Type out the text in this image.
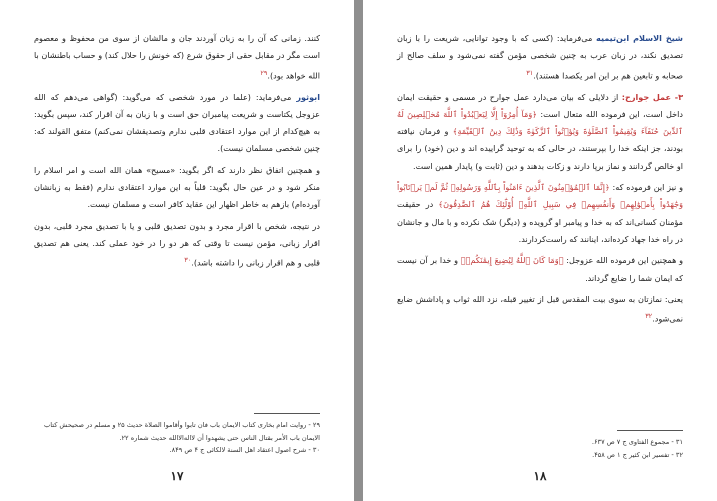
کنند. زمانی که آن را به زبان آوردند جان و مالشان از سوی من محفوظ و معصوم است مگر در مقابل حقی از حقوق شرع (که خونش را حلال کند) و حساب باطنشان با الله خواهد بود).$^{۲۹}$

ابوثور می‌فرماید: (علما در مورد شخصی که می‌گوید: (گواهی می‌دهم که الله عزوجل یکتاست و شریعت پیامبران حق است و با زبان به آن اقرار کند، سپس بگوید: به هیچ‌کدام از این موارد اعتقادی قلبی ندارم وتصدیقشان نمی‌کنم) متفق القولند که: چنین شخصی مسلمان نیست).

و همچنین اتفاق نظر دارند که اگر بگوید: «مسیح» همان الله است و امر اسلام را منکر شود و در عین حال بگوید: قلباً به این موارد اعتقادی ندارم (فقط به زبانشان آورده‌ام) بازهم به خاطر اظهار این عقاید کافر است و مسلمان نیست.

در نتیجه، شخص با اقرار مجرد و بدون تصدیق قلبی و یا با تصدیق مجرد قلبی، بدون اقرار زبانی، مؤمن نیست تا وقتی که هر دو را در خود عملی کند. یعنی هم تصدیق قلبی و هم اقرار زبانی را داشته باشد).$^{۳۰}$

۲۹ - روایت امام بخاری کتاب الایمان باب فان تابوا وأقاموا الصلاة حدیث ۲۵ و مسلم در صحیحش کتاب الایمان باب الأمر بقتال الناس حتی یشهدوا أن لااله‌الاالله حدیث شماره ۲۲.
۳۰ - شرح اصول اعتقاد اهل السنة لالکائی ج ۴ ص ۸۴۹.
۱۷

شیخ الاسلام ابن‌تیمیه می‌فرماید: (کسی که با وجود توانایی، شریعت را با زبان تصدیق نکند، در زبان عرب به چنین شخصی مؤمن گفته نمی‌شود و سلف صالح از صحابه و تابعین هم بر این امر یکصدا هستند).$^{۳۱}$

۳- عمل جوارح: از دلایلی که بیان می‌دارد عمل جوارح در مسمی و حقیقت ایمان داخل است، این فرموده الله متعال است: ﴿وَمَآ أُمِرُوٓاْ إِلَّا لِيَعۡبُدُواْ ٱللَّهَ مُخۡلِصِينَ لَهُ ٱلدِّينَ حُنَفَآءَ وَيُقِيمُواْ ٱلصَّلَوٰةَ وَيُؤۡتُواْ ٱلزَّكَوٰةَ وَذَٰلِكَ دِينُ ٱلۡقَيِّمَةِ﴾ و فرمان نیافته بودند، جز اینکه خدا را بپرستند، در حالی که به توحید گراییده اند و دین (خود) را برای او خالص گردانند و نماز برپا دارند و زکات بدهند و دین (ثابت و) پایدار همین است.

و نیز این فرموده که: ﴿إِنَّمَا ٱلۡمُؤۡمِنُونَ ٱلَّذِينَ ءَامَنُواْ بِٱللَّهِ وَرَسُولِهِۦ ثُمَّ لَمۡ يَرۡتَابُواْ وَجَٰهَدُواْ بِأَمۡوَٰلِهِمۡ وَأَنفُسِهِمۡ فِي سَبِيلِ ٱللَّهِۚ أُوْلَٰٓئِكَ هُمُ ٱلصَّٰدِقُونَ﴾ در حقیقت مؤمنان کسانی‌اند که به خدا و پیامبر او گرویده و (دیگر) شک نکرده و با مال و جانشان در راه خدا جهاد کرده‌اند، اینانند که راست‌کردارند.

و همچنین این فرموده الله عزوجل: ﴿وَمَا كَانَ ٱللَّهُ لِيُضِيعَ إِيمَٰنَكُمۡ﴾ و خدا بر آن نیست که ایمان شما را ضایع گرداند.

یعنی: نمازتان به سوی بیت المقدس قبل از تغییر قبله، نزد الله ثواب و پاداشش ضایع نمی‌شود.$^{۳۲}$

۳۱ - مجموع الفتاوی ج ۷ ص ۶۳۷.
۳۲ - تفسیر ابن کثیر ج ۱ ص ۴۵۸.
۱۸
